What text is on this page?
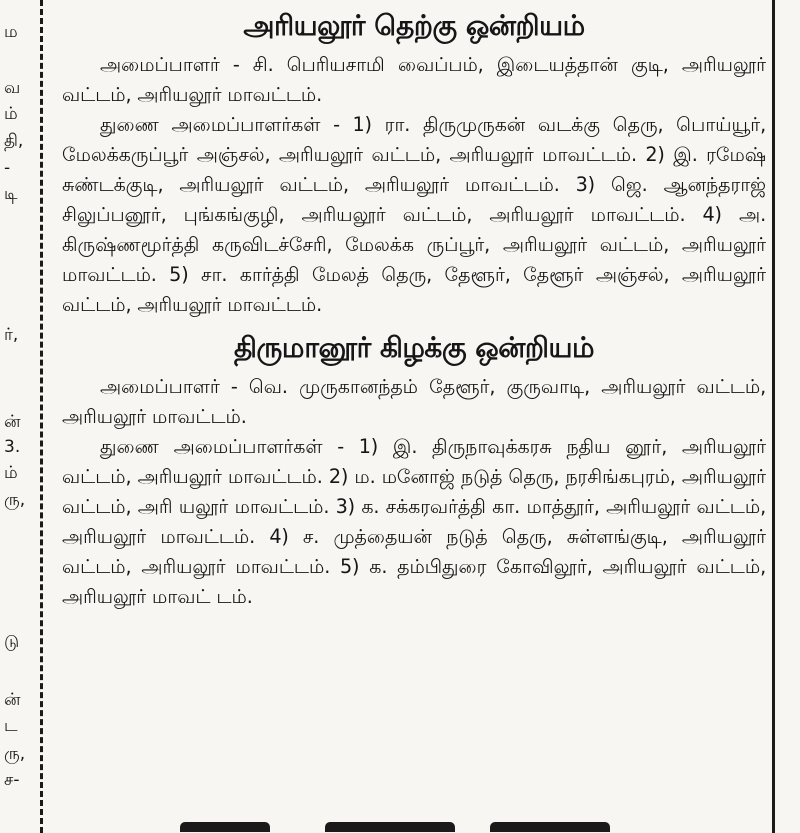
ம
வ
ம்
தி,
-
டி
ர்,
ன்
3.
ம்
ரு,
டு
ன்
ட
ரு,
ச-
அரியலூர் தெற்கு ஒன்றியம்

அமைப்பாளர் - சி. பெரியசாமி வைப்பம், இடையத்தான் குடி, அரியலூர் வட்டம், அரியலூர் மாவட்டம்.

துணை அமைப்பாளர்கள் - 1) ரா. திருமுருகன் வடக்கு தெரு, பொய்யூர், மேலக்கருப்பூர் அஞ்சல், அரியலூர் வட்டம், அரியலூர் மாவட்டம். 2) இ. ரமேஷ் சுண்டக்குடி, அரியலூர் வட்டம், அரியலூர் மாவட்டம். 3) ஜெ. ஆனந்தராஜ் சிலுப்பனூர், புங்கங்குழி, அரியலூர் வட்டம், அரியலூர் மாவட்டம். 4) அ. கிருஷ்ணமூர்த்தி கருவிடச்சேரி, மேலக்க ருப்பூர், அரியலூர் வட்டம், அரியலூர் மாவட்டம். 5) சா. கார்த்தி மேலத் தெரு, தேளூர், தேளூர் அஞ்சல், அரியலூர் வட்டம், அரியலூர் மாவட்டம்.

திருமானூர் கிழக்கு ஒன்றியம்

அமைப்பாளர் - வெ. முருகானந்தம் தேளூர், குருவாடி, அரியலூர் வட்டம், அரியலூர் மாவட்டம்.

துணை அமைப்பாளர்கள் - 1) இ. திருநாவுக்கரசு நதிய னூர், அரியலூர் வட்டம், அரியலூர் மாவட்டம். 2) ம. மனோஜ் நடுத் தெரு, நரசிங்கபுரம், அரியலூர் வட்டம், அரி யலூர் மாவட்டம். 3) க. சக்கரவர்த்தி கா. மாத்தூர், அரியலூர் வட்டம், அரியலூர் மாவட்டம். 4) ச. முத்தையன் நடுத் தெரு, சுள்ளங்குடி, அரியலூர் வட்டம், அரியலூர் மாவட்டம். 5) க. தம்பிதுரை கோவிலூர், அரியலூர் வட்டம், அரியலூர் மாவட் டம்.
